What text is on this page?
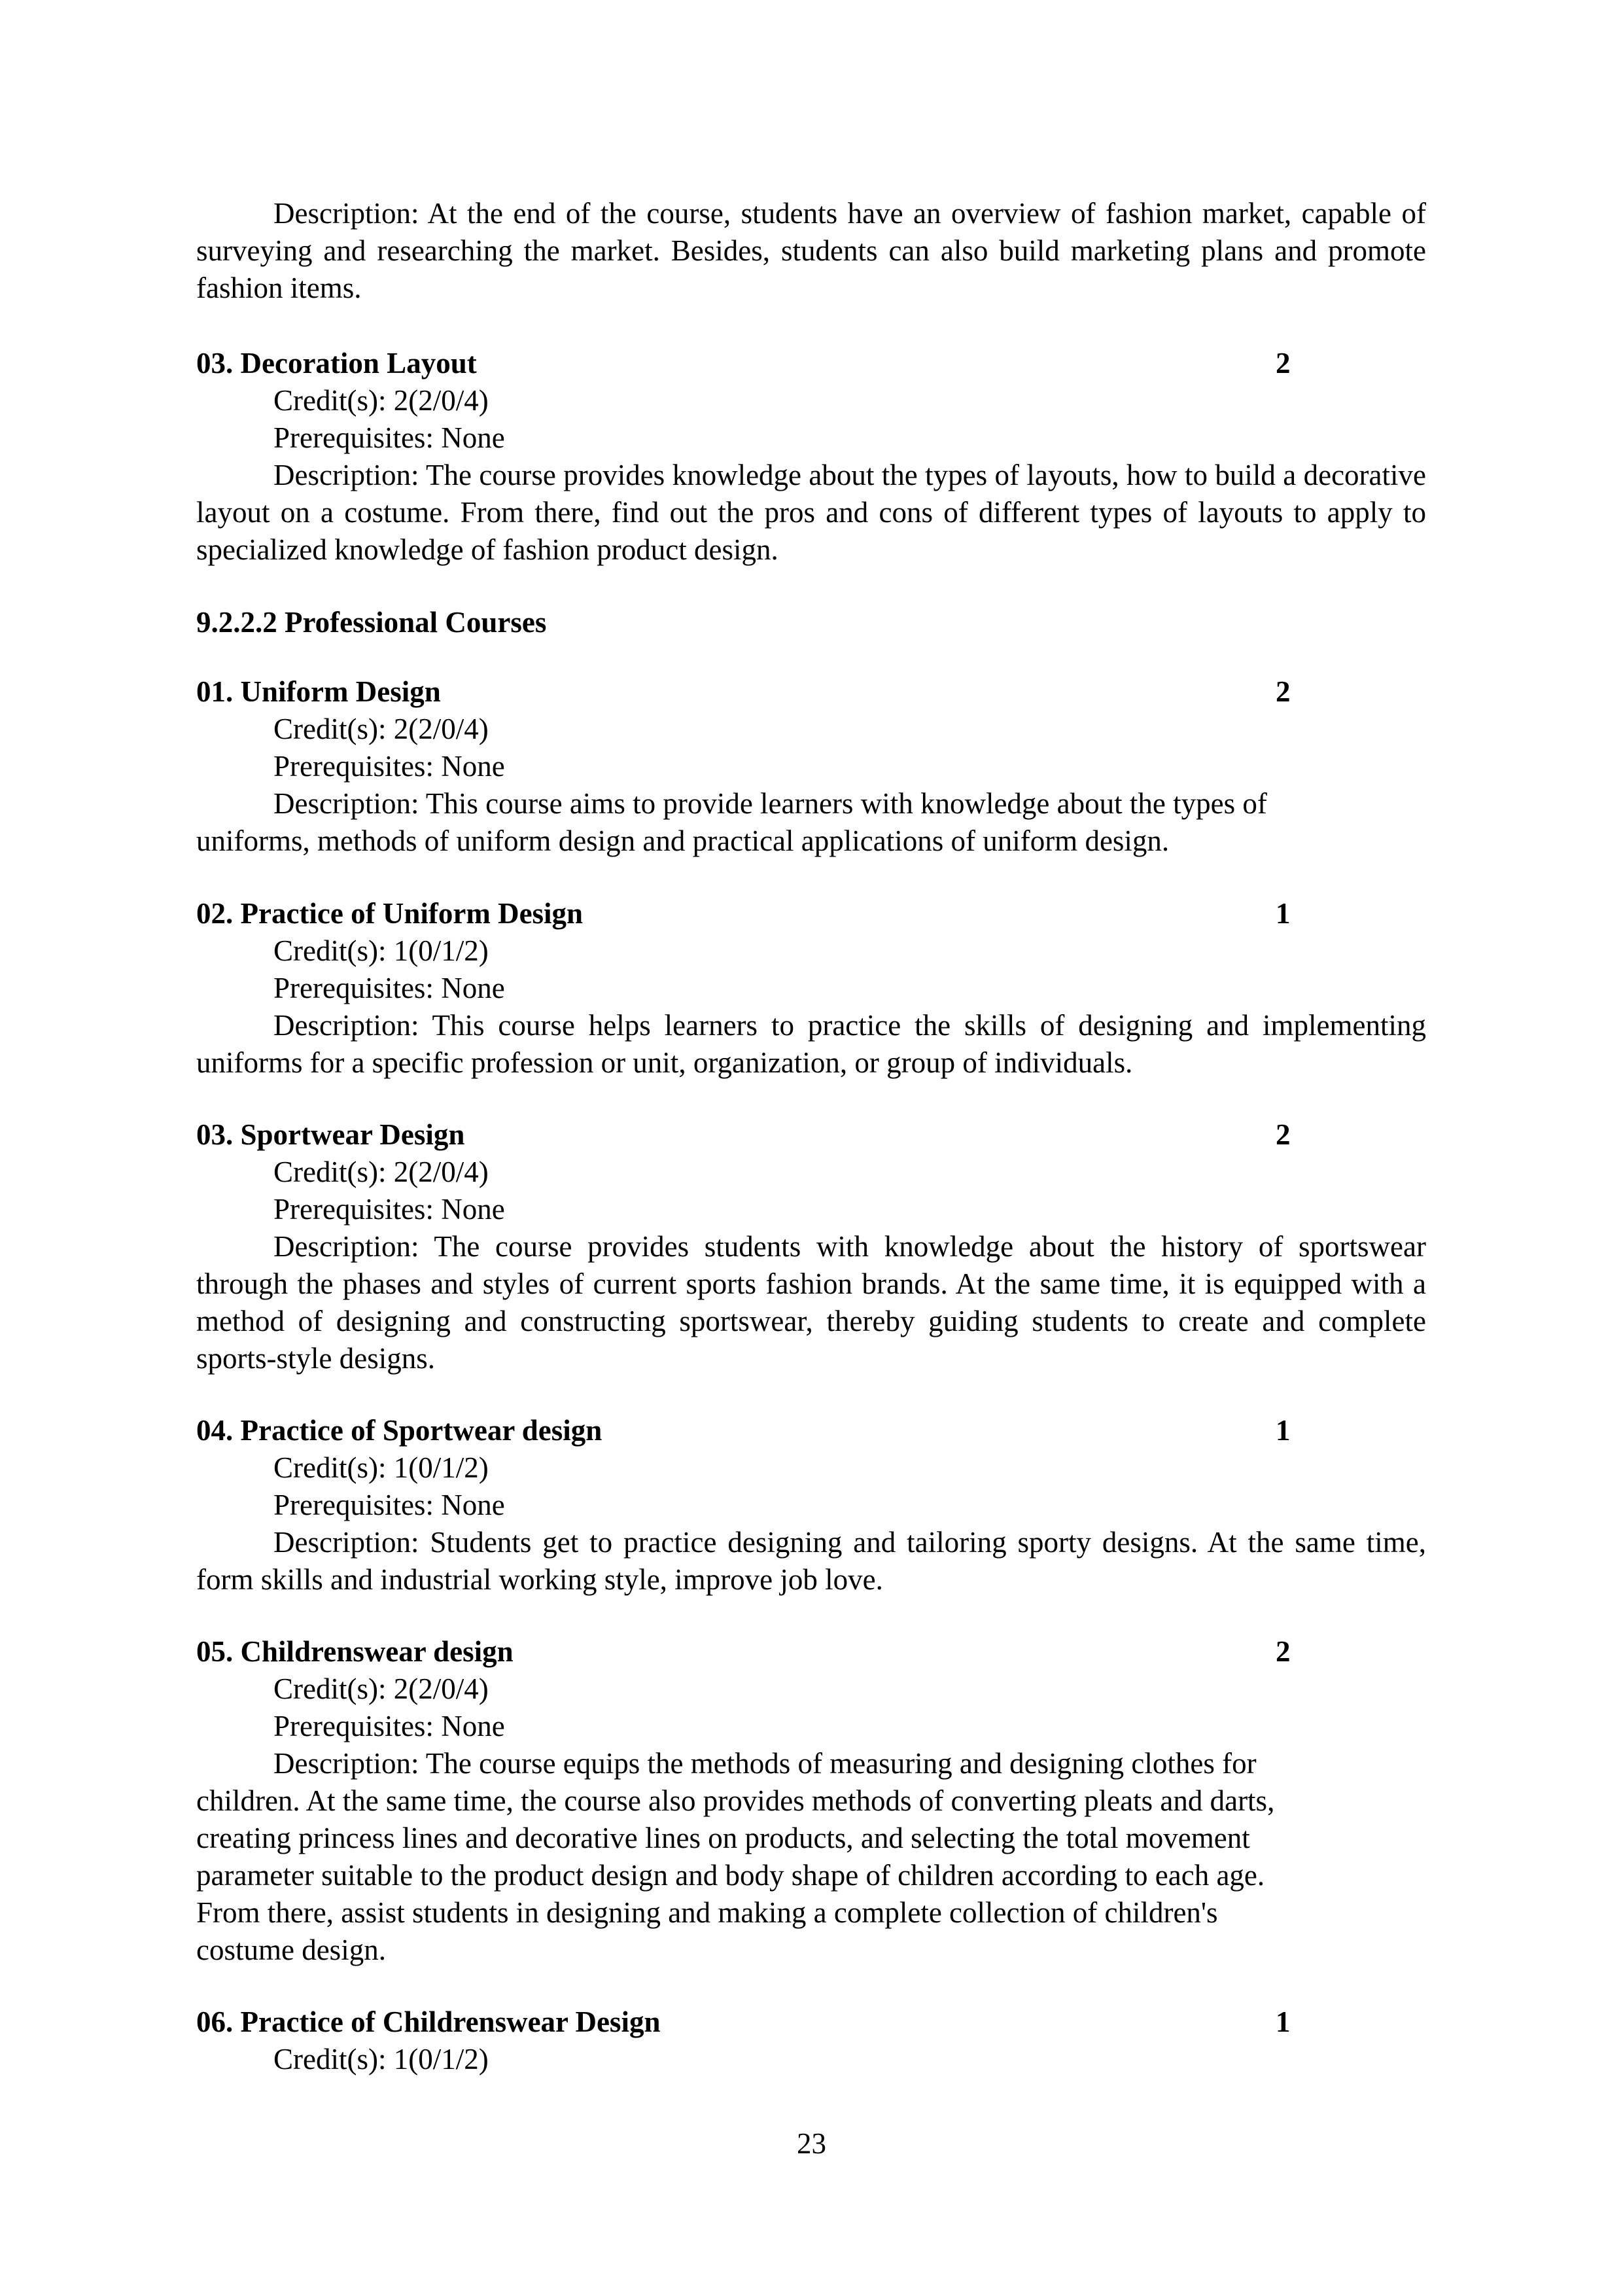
Description: At the end of the course, students have an overview of fashion market, capable of surveying and researching the market. Besides, students can also build marketing plans and promote fashion items.

03. Decoration Layout	2

Credit(s): 2(2/0/4)

Prerequisites: None

Description: The course provides knowledge about the types of layouts, how to build a decorative layout on a costume. From there, find out the pros and cons of different types of layouts to apply to specialized knowledge of fashion product design.

9.2.2.2 Professional Courses

01. Uniform Design	2

Credit(s): 2(2/0/4)

Prerequisites: None

Description: This course aims to provide learners with knowledge about the types of uniforms, methods of uniform design and practical applications of uniform design.

02. Practice of Uniform Design	1

Credit(s): 1(0/1/2)

Prerequisites: None

Description: This course helps learners to practice the skills of designing and implementing uniforms for a specific profession or unit, organization, or group of individuals.

03. Sportwear Design	2

Credit(s): 2(2/0/4)

Prerequisites: None

Description: The course provides students with knowledge about the history of sportswear through the phases and styles of current sports fashion brands. At the same time, it is equipped with a method of designing and constructing sportswear, thereby guiding students to create and complete sports-style designs.

04. Practice of Sportwear design	1

Credit(s): 1(0/1/2)

Prerequisites: None

Description: Students get to practice designing and tailoring sporty designs. At the same time, form skills and industrial working style, improve job love.

05. Childrenswear design	2

Credit(s): 2(2/0/4)

Prerequisites: None

Description: The course equips the methods of measuring and designing clothes for

children. At the same time, the course also provides methods of converting pleats and darts,

creating princess lines and decorative lines on products, and selecting the total movement

parameter suitable to the product design and body shape of children according to each age.

From there, assist students in designing and making a complete collection of children's

costume design.

06. Practice of Childrenswear Design	1

Credit(s): 1(0/1/2)

23
